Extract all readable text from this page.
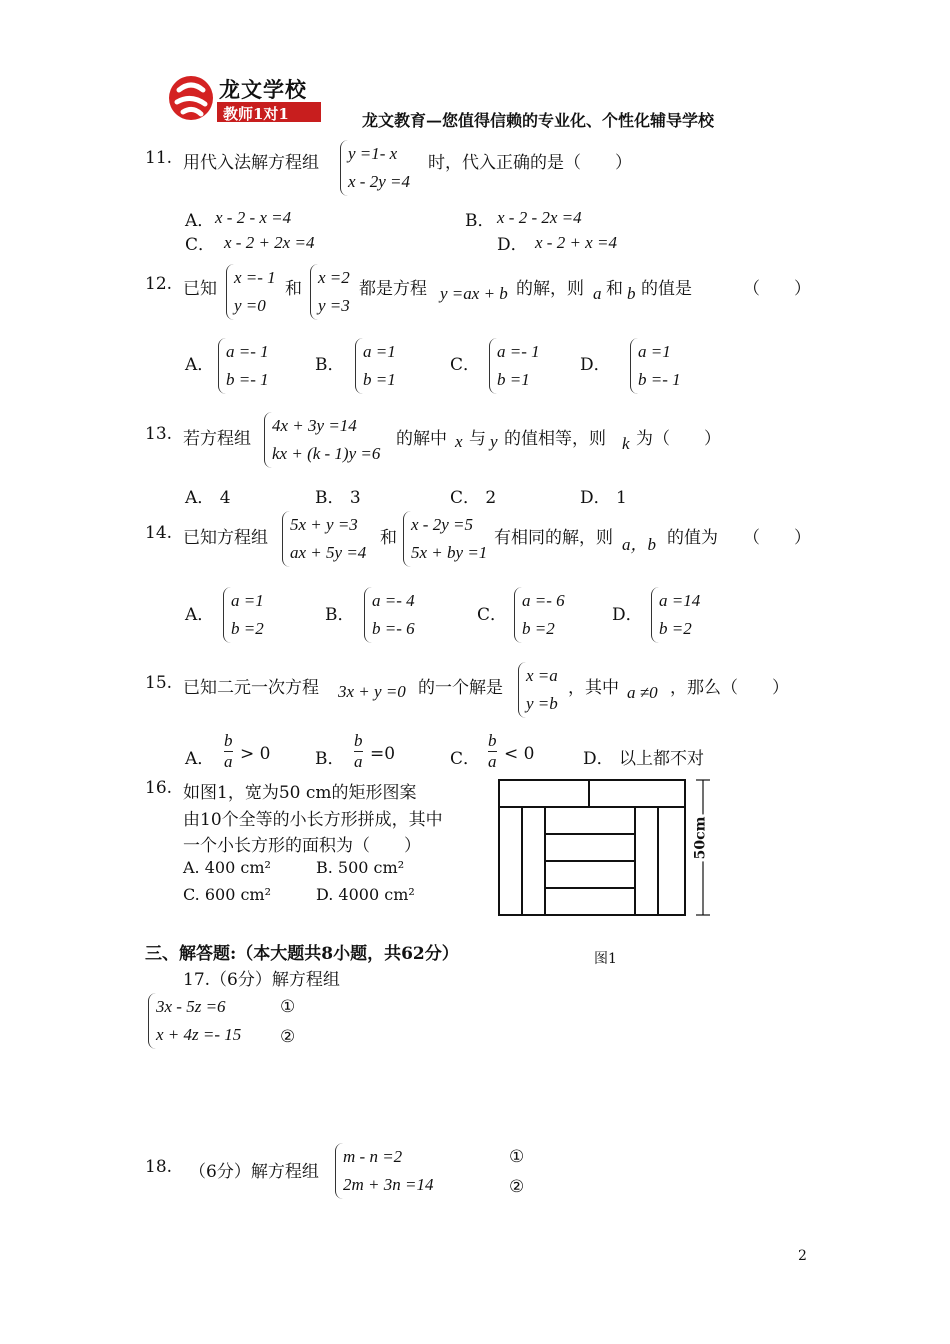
龙文学校
教师1对1	龙文教育—您值得信赖的专业化、个性化辅导学校
11. 用代入法解方程组 y =1- x
x - 2y =4
时，代入正确的是（　　）
A． x - 2 - x =4	B． x - 2 - 2x =4
C． x - 2 + 2x =4	D． x - 2 + x =4
12. 已知
x =- 1
y =0
和
x =2
y =3
都是方程 y =ax + b 的解，则 a 和 b 的值是	（　　）
A．
a =- 1
b =- 1
B．
a =1
b =1
C．
a =- 1
b =1
D．
a =1
b =- 1
13. 若方程组
4x + 3y =14
kx + (k - 1)y =6
的解中 x 与 y 的值相等，则 k 为（　　）
A． 4	B． 3	C． 2	D． 1
14. 已知方程组
5x + y =3
ax + 5y =4
和
x - 2y =5
5x + by =1
有相同的解，则 a，b 的值为 （　　）
A．
a =1
b =2
B．
a =- 4
b =- 6
C．
a =- 6
b =2
D．
a =14
b =2
15. 已知二元一次方程 3x + y =0 的一个解是
x =a
y =b
，其中 a ≠0 ，那么（　　）
A． $\frac{b}{a} > 0$	B． $\frac{b}{a} =0$	C． $\frac{b}{a} < 0$	D． 以上都不对
16. 如图1，宽为50 cm的矩形图案
由10个全等的小长方形拼成，其中
一个小长方形的面积为（　　）
A. 400 cm²	B. 500 cm²
C. 600 cm²	D. 4000 cm²
50cm
图1
三、解答题:（本大题共8小题，共62分）
17.（6分）解方程组
3x - 5z =6
x + 4z =- 15
①
②
18. （6分）解方程组
m - n =2
2m + 3n =14
①
②
2
